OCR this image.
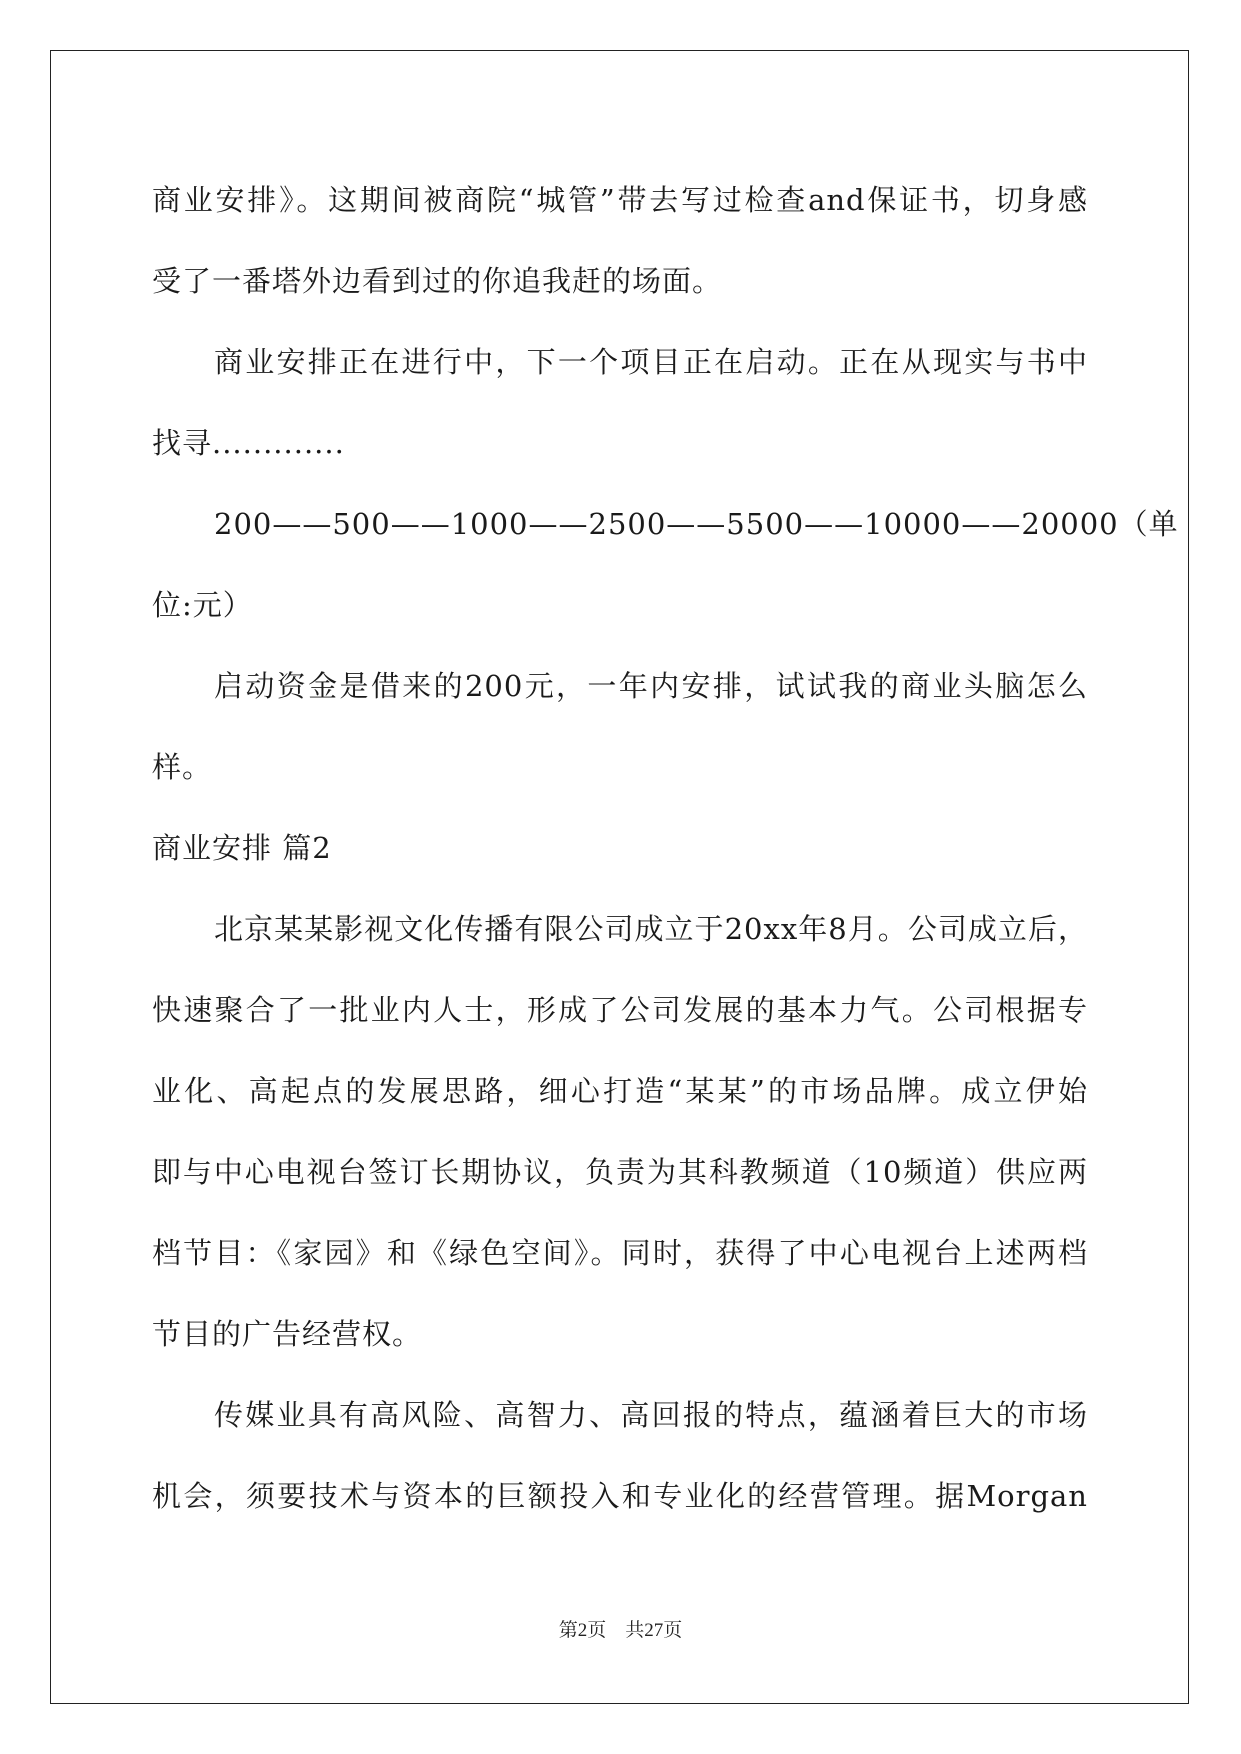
商业安排》。这期间被商院“城管”带去写过检查and保证书，切身感
受了一番塔外边看到过的你追我赶的场面。
商业安排正在进行中，下一个项目正在启动。正在从现实与书中
找寻.............
200——500——1000——2500——5500——10000——20000（单
位:元）
启动资金是借来的200元，一年内安排，试试我的商业头脑怎么
样。
商业安排 篇2
北京某某影视文化传播有限公司成立于20xx年8月。公司成立后，
快速聚合了一批业内人士，形成了公司发展的基本力气。公司根据专
业化、高起点的发展思路，细心打造“某某”的市场品牌。成立伊始
即与中心电视台签订长期协议，负责为其科教频道（10频道）供应两
档节目：《家园》和《绿色空间》。同时，获得了中心电视台上述两档
节目的广告经营权。
传媒业具有高风险、高智力、高回报的特点，蕴涵着巨大的市场
机会，须要技术与资本的巨额投入和专业化的经营管理。据Morgan
第2页　共27页
